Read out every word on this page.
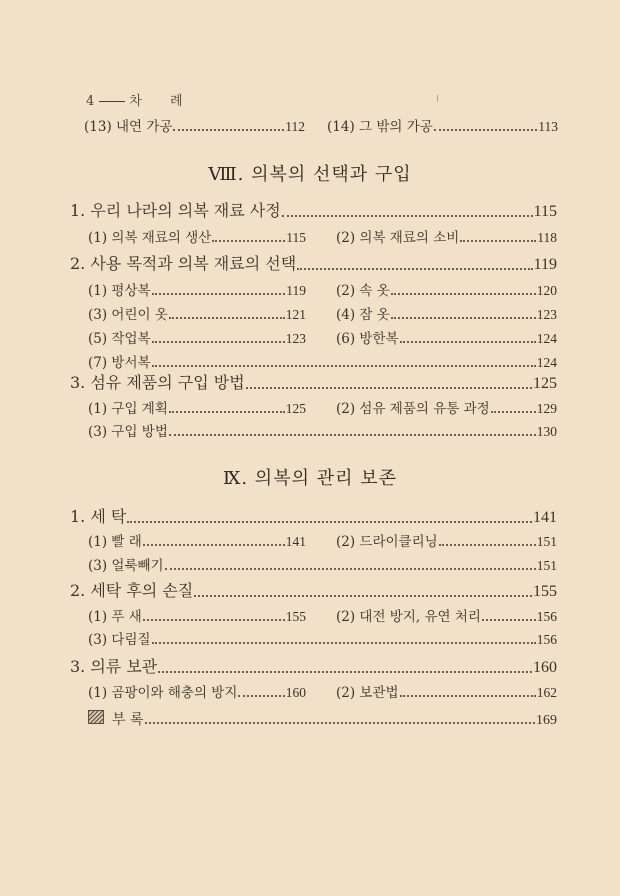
4	차 례
(13) 내연 가공	112 (14) 그 밖의 가공	113
Ⅷ. 의복의 선택과 구입
1. 우리 나라의 의복 재료 사정	115
(1) 의복 재료의 생산	115 (2) 의복 재료의 소비	118
2. 사용 목적과 의복 재료의 선택	119
(1) 평상복	119 (2) 속 옷	120
(3) 어린이 옷	121 (4) 잠 옷	123
(5) 작업복	123 (6) 방한복	124
(7) 방서복	124
3. 섬유 제품의 구입 방법	125
(1) 구입 계획	125 (2) 섬유 제품의 유통 과정	129
(3) 구입 방법	130
Ⅸ. 의복의 관리 보존
1. 세 탁	141
(1) 빨 래	141 (2) 드라이클리닝	151
(3) 얼룩빼기	151
2. 세탁 후의 손질	155
(1) 푸 새	155 (2) 대전 방지, 유연 처리	156
(3) 다림질	156
3. 의류 보관	160
(1) 곰팡이와 해충의 방지	160 (2) 보관법	162
부 록	169
